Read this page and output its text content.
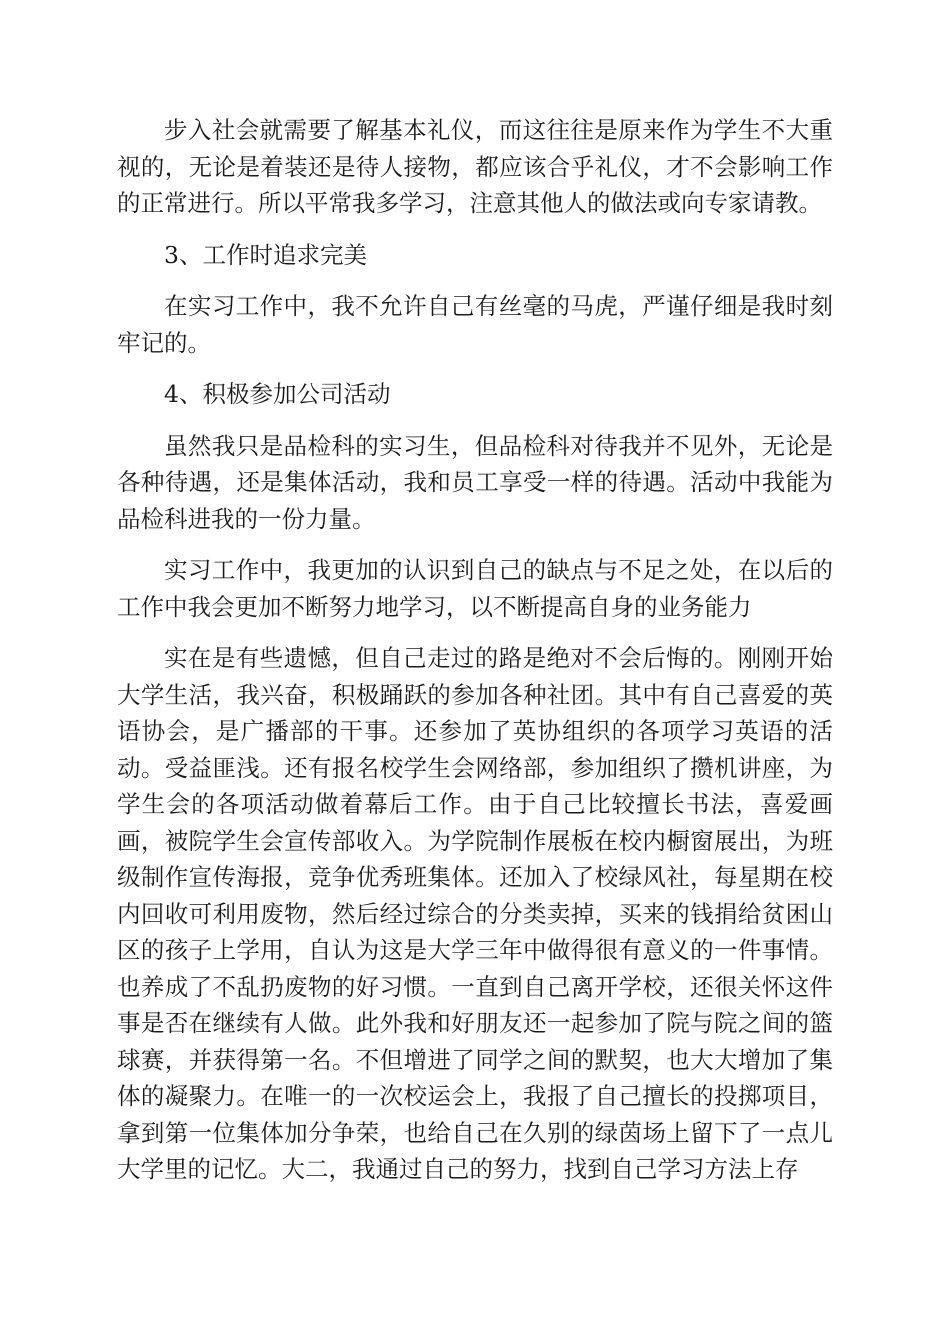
步入社会就需要了解基本礼仪，而这往往是原来作为学生不大重视的，无论是着装还是待人接物，都应该合乎礼仪，才不会影响工作的正常进行。所以平常我多学习，注意其他人的做法或向专家请教。

3、工作时追求完美

在实习工作中，我不允许自己有丝毫的马虎，严谨仔细是我时刻牢记的。

4、积极参加公司活动

虽然我只是品检科的实习生，但品检科对待我并不见外，无论是各种待遇，还是集体活动，我和员工享受一样的待遇。活动中我能为品检科进我的一份力量。

实习工作中，我更加的认识到自己的缺点与不足之处，在以后的工作中我会更加不断努力地学习，以不断提高自身的业务能力

实在是有些遗憾，但自己走过的路是绝对不会后悔的。刚刚开始大学生活，我兴奋，积极踊跃的参加各种社团。其中有自己喜爱的英语协会，是广播部的干事。还参加了英协组织的各项学习英语的活动。受益匪浅。还有报名校学生会网络部，参加组织了攒机讲座，为学生会的各项活动做着幕后工作。由于自己比较擅长书法，喜爱画画，被院学生会宣传部收入。为学院制作展板在校内橱窗展出，为班级制作宣传海报，竞争优秀班集体。还加入了校绿风社，每星期在校内回收可利用废物，然后经过综合的分类卖掉，买来的钱捐给贫困山区的孩子上学用，自认为这是大学三年中做得很有意义的一件事情。也养成了不乱扔废物的好习惯。一直到自己离开学校，还很关怀这件事是否在继续有人做。此外我和好朋友还一起参加了院与院之间的篮球赛，并获得第一名。不但增进了同学之间的默契，也大大增加了集体的凝聚力。在唯一的一次校运会上，我报了自己擅长的投掷项目，拿到第一位集体加分争荣，也给自己在久别的绿茵场上留下了一点儿大学里的记忆。大二，我通过自己的努力，找到自己学习方法上存
